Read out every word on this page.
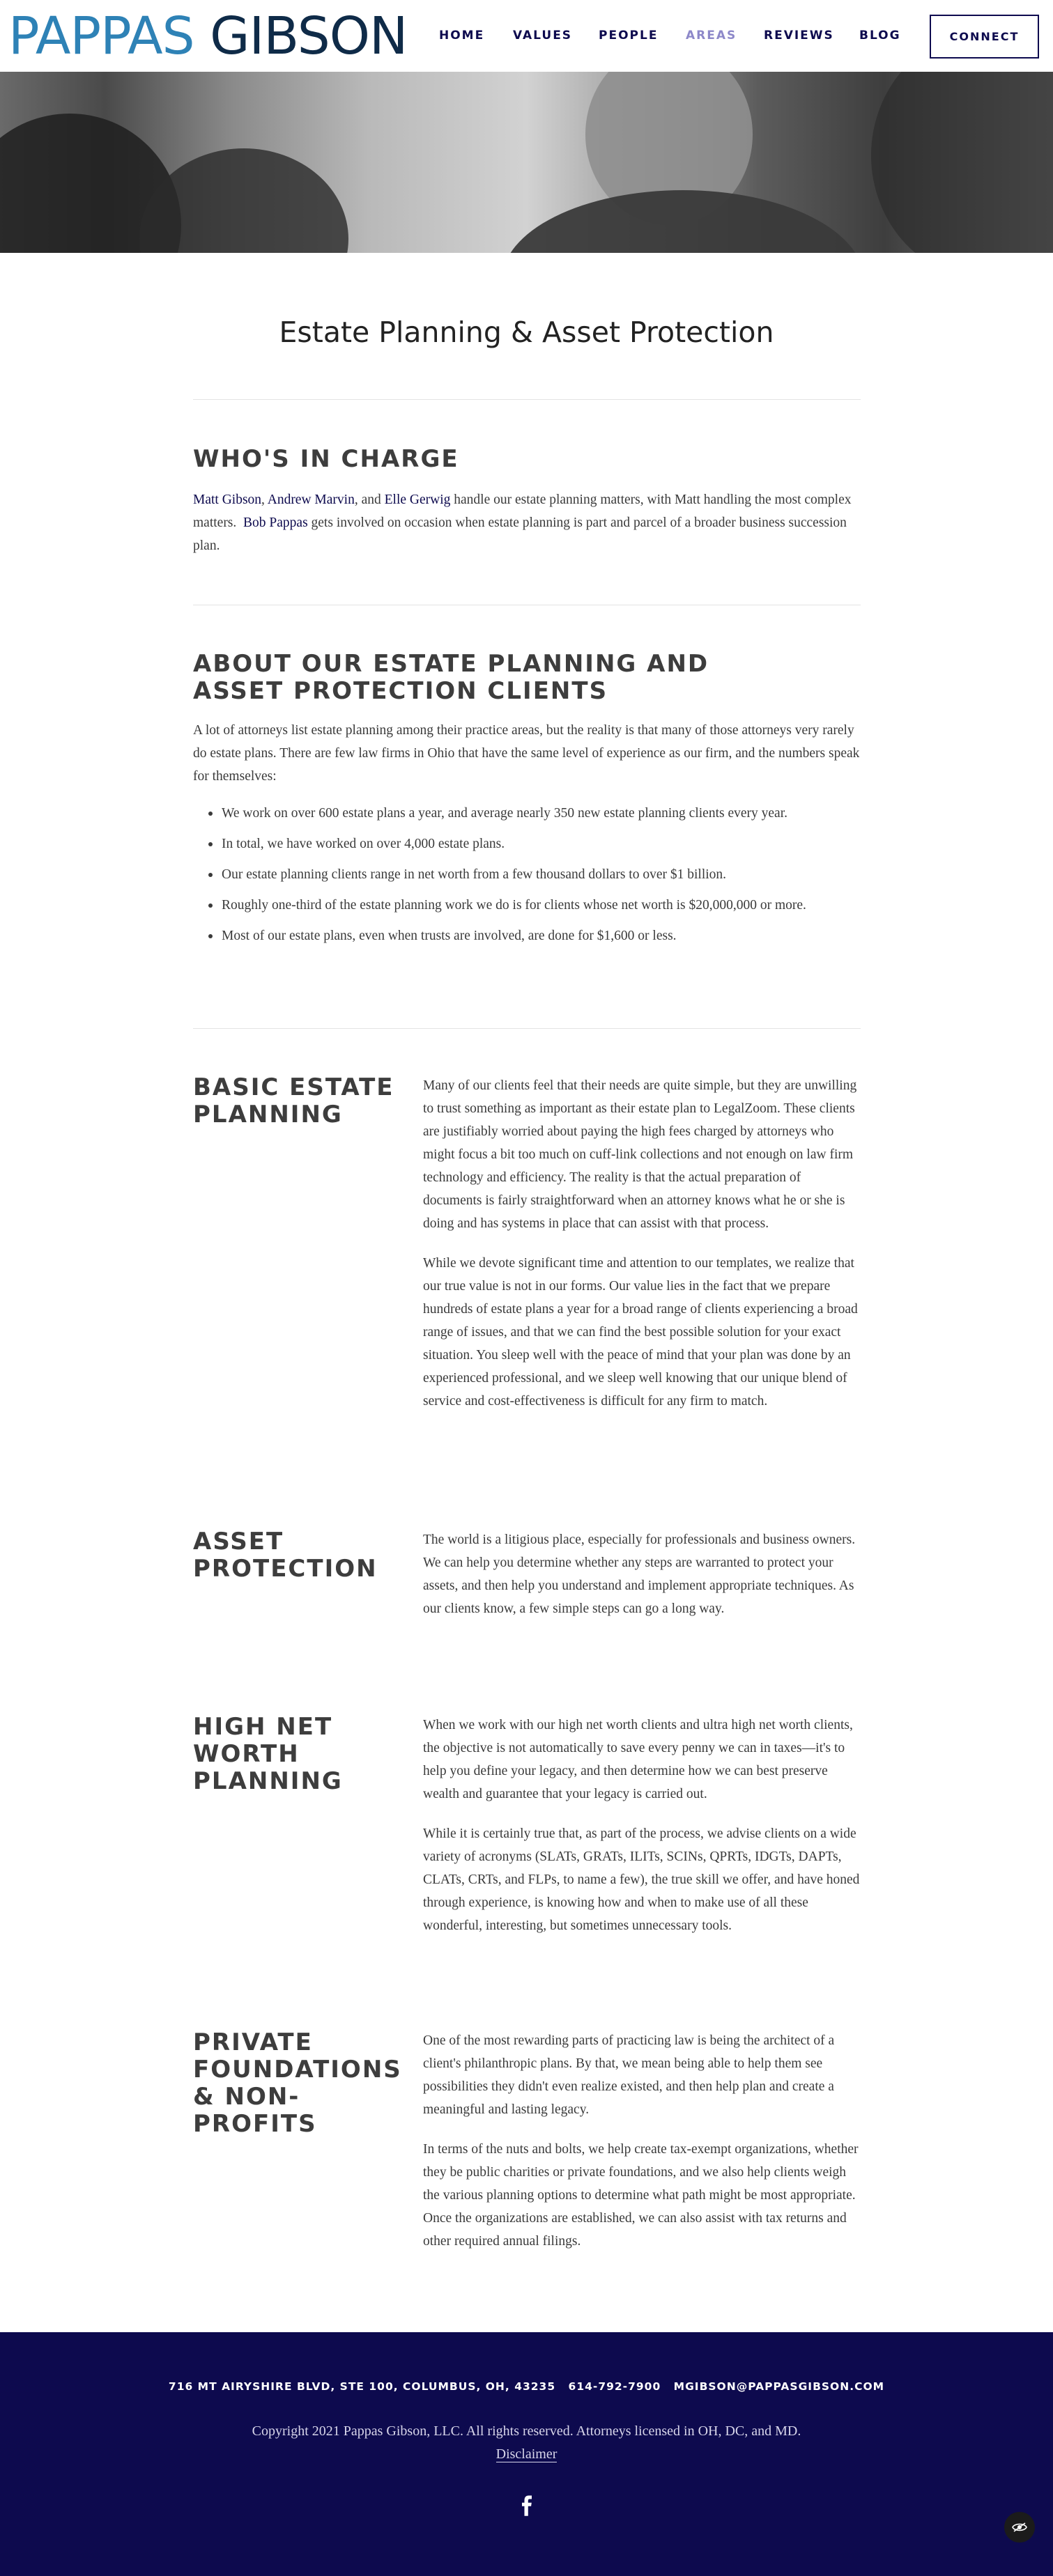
PAPPAS GIBSON	HOME VALUES PEOPLE AREAS REVIEWS BLOG	CONNECT
Estate Planning & Asset Protection
WHO'S IN CHARGE

Matt Gibson, Andrew Marvin, and Elle Gerwig handle our estate planning matters, with Matt handling the most complex matters. Bob Pappas gets involved on occasion when estate planning is part and parcel of a broader business succession plan.

ABOUT OUR ESTATE PLANNING AND ASSET PROTECTION CLIENTS

A lot of attorneys list estate planning among their practice areas, but the reality is that many of those attorneys very rarely do estate plans. There are few law firms in Ohio that have the same level of experience as our firm, and the numbers speak for themselves:

We work on over 600 estate plans a year, and average nearly 350 new estate planning clients every year.
In total, we have worked on over 4,000 estate plans.
Our estate planning clients range in net worth from a few thousand dollars to over $1 billion.
Roughly one-third of the estate planning work we do is for clients whose net worth is $20,000,000 or more.
Most of our estate plans, even when trusts are involved, are done for $1,600 or less.
BASIC ESTATE PLANNING

Many of our clients feel that their needs are quite simple, but they are unwilling to trust something as important as their estate plan to LegalZoom. These clients are justifiably worried about paying the high fees charged by attorneys who might focus a bit too much on cuff-link collections and not enough on law firm technology and efficiency. The reality is that the actual preparation of documents is fairly straightforward when an attorney knows what he or she is doing and has systems in place that can assist with that process.

While we devote significant time and attention to our templates, we realize that our true value is not in our forms. Our value lies in the fact that we prepare hundreds of estate plans a year for a broad range of clients experiencing a broad range of issues, and that we can find the best possible solution for your exact situation. You sleep well with the peace of mind that your plan was done by an experienced professional, and we sleep well knowing that our unique blend of service and cost-effectiveness is difficult for any firm to match.

ASSET PROTECTION

The world is a litigious place, especially for professionals and business owners. We can help you determine whether any steps are warranted to protect your assets, and then help you understand and implement appropriate techniques. As our clients know, a few simple steps can go a long way.

HIGH NET WORTH PLANNING

When we work with our high net worth clients and ultra high net worth clients, the objective is not automatically to save every penny we can in taxes—it's to help you define your legacy, and then determine how we can best preserve wealth and guarantee that your legacy is carried out.

While it is certainly true that, as part of the process, we advise clients on a wide variety of acronyms (SLATs, GRATs, ILITs, SCINs, QPRTs, IDGTs, DAPTs, CLATs, CRTs, and FLPs, to name a few), the true skill we offer, and have honed through experience, is knowing how and when to make use of all these wonderful, interesting, but sometimes unnecessary tools.

PRIVATE FOUNDATIONS & NON-PROFITS

One of the most rewarding parts of practicing law is being the architect of a client's philanthropic plans. By that, we mean being able to help them see possibilities they didn't even realize existed, and then help plan and create a meaningful and lasting legacy.

In terms of the nuts and bolts, we help create tax-exempt organizations, whether they be public charities or private foundations, and we also help clients weigh the various planning options to determine what path might be most appropriate. Once the organizations are established, we can also assist with tax returns and other required annual filings.

716 MT AIRYSHIRE BLVD, STE 100, COLUMBUS, OH, 43235 614-792-7900 MGIBSON@PAPPASGIBSON.COM
Copyright 2021 Pappas Gibson, LLC. All rights reserved. Attorneys licensed in OH, DC, and MD.
Disclaimer
